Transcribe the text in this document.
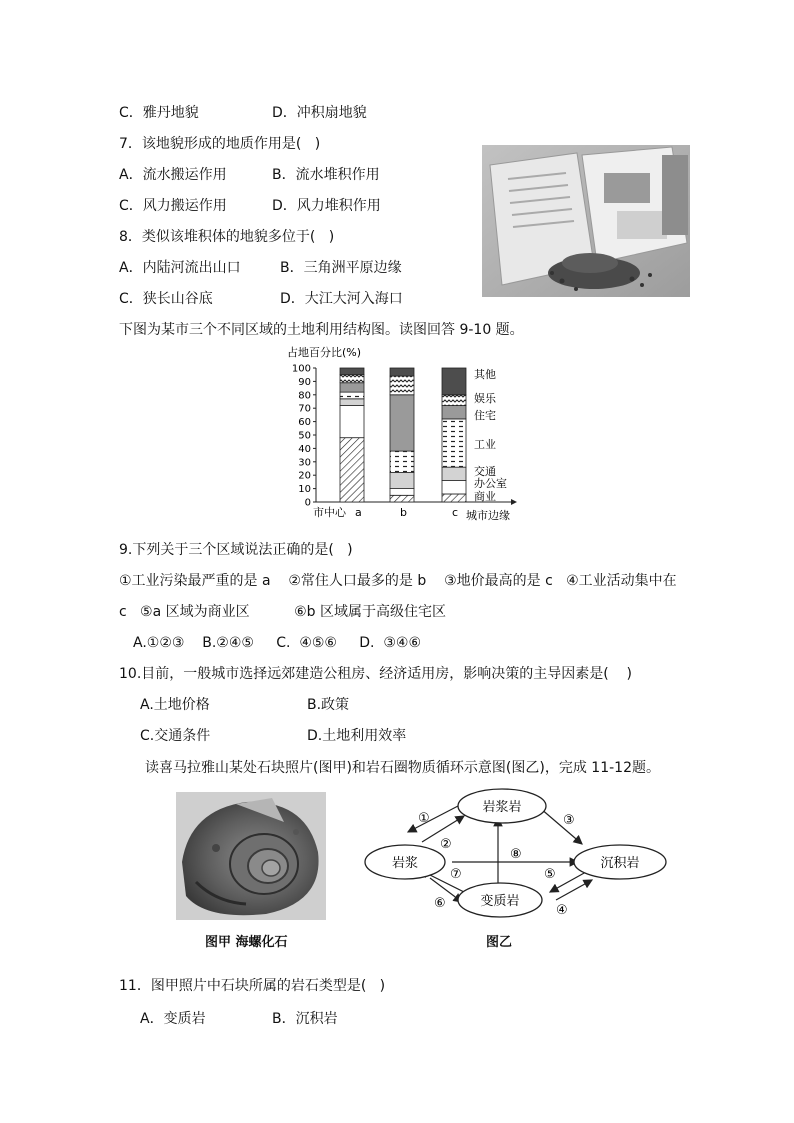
C．雅丹地貌	D．冲积扇地貌
7．该地貌形成的地质作用是(   )
A．流水搬运作用	B．流水堆积作用
C．风力搬运作用	D．风力堆积作用
8．类似该堆积体的地貌多位于(   )
A．内陆河流出山口	B．三角洲平原边缘
C．狭长山谷底	D．大江大河入海口
下图为某市三个不同区域的土地利用结构图。读图回答 9-10 题。
占地百分比(%)
0
10
20
30
40
50
60
70
80
90
100
a	b	c
商业
办公室
交通
工业
住宅
娱乐
其他
市中心	城市边缘
9.下列关于三个区域说法正确的是(   )
①工业污染最严重的是 a    ②常住人口最多的是 b    ③地价最高的是 c   ④工业活动集中在
c   ⑤a 区域为商业区          ⑥b 区域属于高级住宅区
A.①②③    B.②④⑤     C.  ④⑤⑥     D.  ③④⑥
10.目前，一般城市选择远郊建造公租房、经济适用房，影响决策的主导因素是(    )
A.土地价格	B.政策
C.交通条件	D.土地利用效率
读喜马拉雅山某处石块照片(图甲)和岩石圈物质循环示意图(图乙)，完成 11-12题。
图甲 海螺化石
岩浆岩
岩浆	沉积岩
变质岩
①
②
③
④
⑤
⑥
⑦
⑧
图乙
11．图甲照片中石块所属的岩石类型是(   )
A．变质岩	B．沉积岩
